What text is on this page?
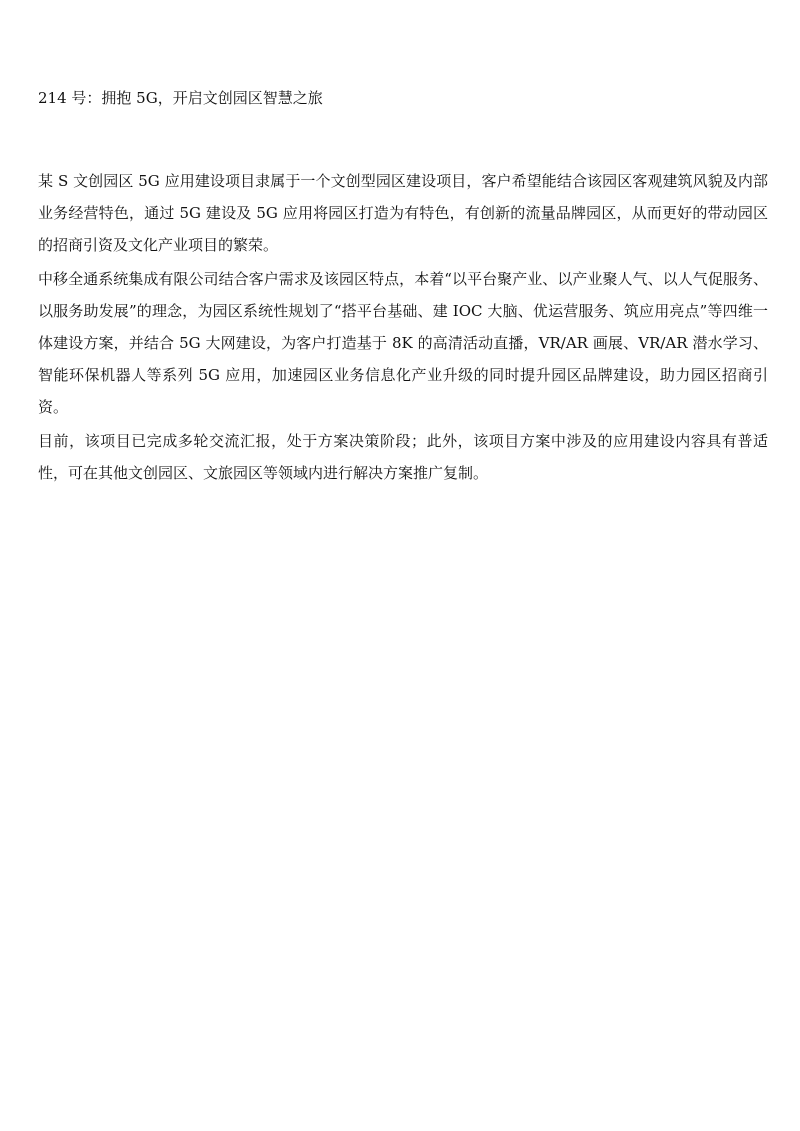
214 号：拥抱 5G，开启文创园区智慧之旅

某 S 文创园区 5G 应用建设项目隶属于一个文创型园区建设项目，客户希望能结合该园区客观建筑风貌及内部业务经营特色，通过 5G 建设及 5G 应用将园区打造为有特色，有创新的流量品牌园区，从而更好的带动园区的招商引资及文化产业项目的繁荣。

中移全通系统集成有限公司结合客户需求及该园区特点，本着“以平台聚产业、以产业聚人气、以人气促服务、以服务助发展”的理念，为园区系统性规划了“搭平台基础、建 IOC 大脑、优运营服务、筑应用亮点”等四维一体建设方案，并结合 5G 大网建设，为客户打造基于 8K 的高清活动直播，VR/AR 画展、VR/AR 潜水学习、智能环保机器人等系列 5G 应用，加速园区业务信息化产业升级的同时提升园区品牌建设，助力园区招商引资。

目前，该项目已完成多轮交流汇报，处于方案决策阶段；此外，该项目方案中涉及的应用建设内容具有普适性，可在其他文创园区、文旅园区等领域内进行解决方案推广复制。
